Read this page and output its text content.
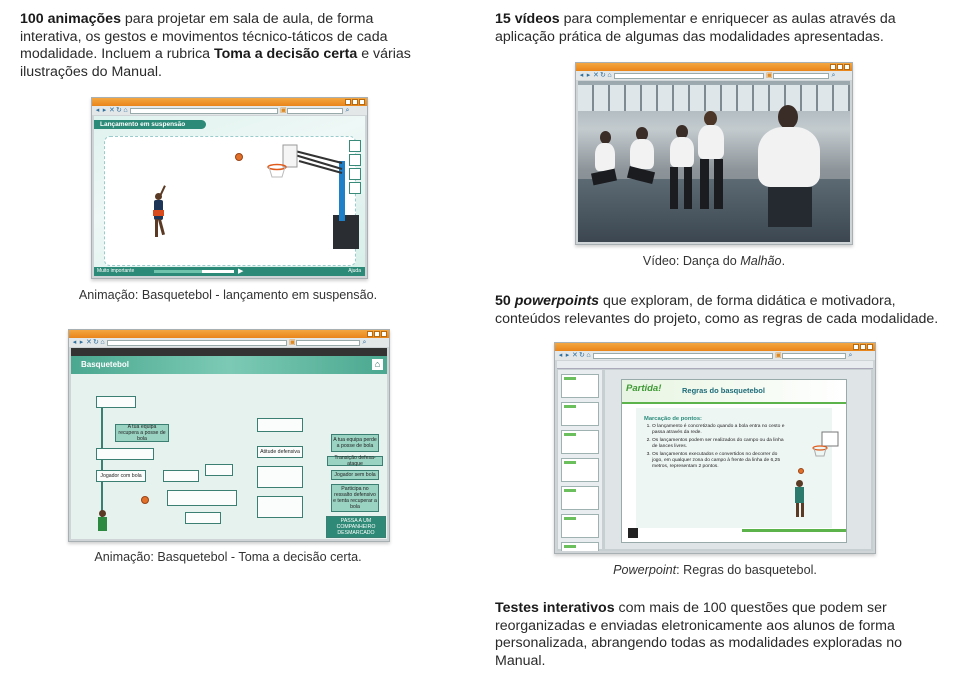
100 animações para projetar em sala de aula, de forma interativa, os gestos e movimentos técnico-táticos de cada modalidade. Incluem a rubrica Toma a decisão certa e várias ilustrações do Manual.

◂ ▸ ✕ ↻ ⌂	▣	⌕
Lançamento em suspensão
Muito importante	▶	Ajuda
Animação: Basquetebol - lançamento em suspensão.
◂ ▸ ✕ ↻ ⌂	▣	⌕
Basquetebol	⌂
A tua equipa recupera a posse de bola
Jogador com bola
Atitude defensiva
A tua equipa perde a posse de bola
Transição defesa-ataque
Jogador sem bola
Participa no ressalto defensivo e tenta recuperar a bola
PASSA A UM COMPANHEIRO DESMARCADO
Animação: Basquetebol - Toma a decisão certa.

15 vídeos para complementar e enriquecer as aulas através da aplicação prática de algumas das modalidades apresentadas.

◂ ▸ ✕ ↻ ⌂	▣	⌕
Vídeo: Dança do Malhão.

50 powerpoints que exploram, de forma didática e motivadora, conteúdos relevantes do projeto, como as regras de cada modalidade.

◂ ▸ ✕ ↻ ⌂	▣	⌕
Partida!	Regras do basquetebol
Marcação de pontos:
1. O lançamento é concretizado quando a bola entra no cesto e passa através da rede.
2. Os lançamentos podem ser realizados do campo ou da linha de lances livres.
3. Os lançamentos executados e convertidos no decorrer do jogo, em qualquer zona do campo à frente da linha de 6,25 metros, representam 2 pontos.
Powerpoint: Regras do basquetebol.

Testes interativos com mais de 100 questões que podem ser reorganizadas e enviadas eletronicamente aos alunos de forma personalizada, abrangendo todas as modalidades exploradas no Manual.
